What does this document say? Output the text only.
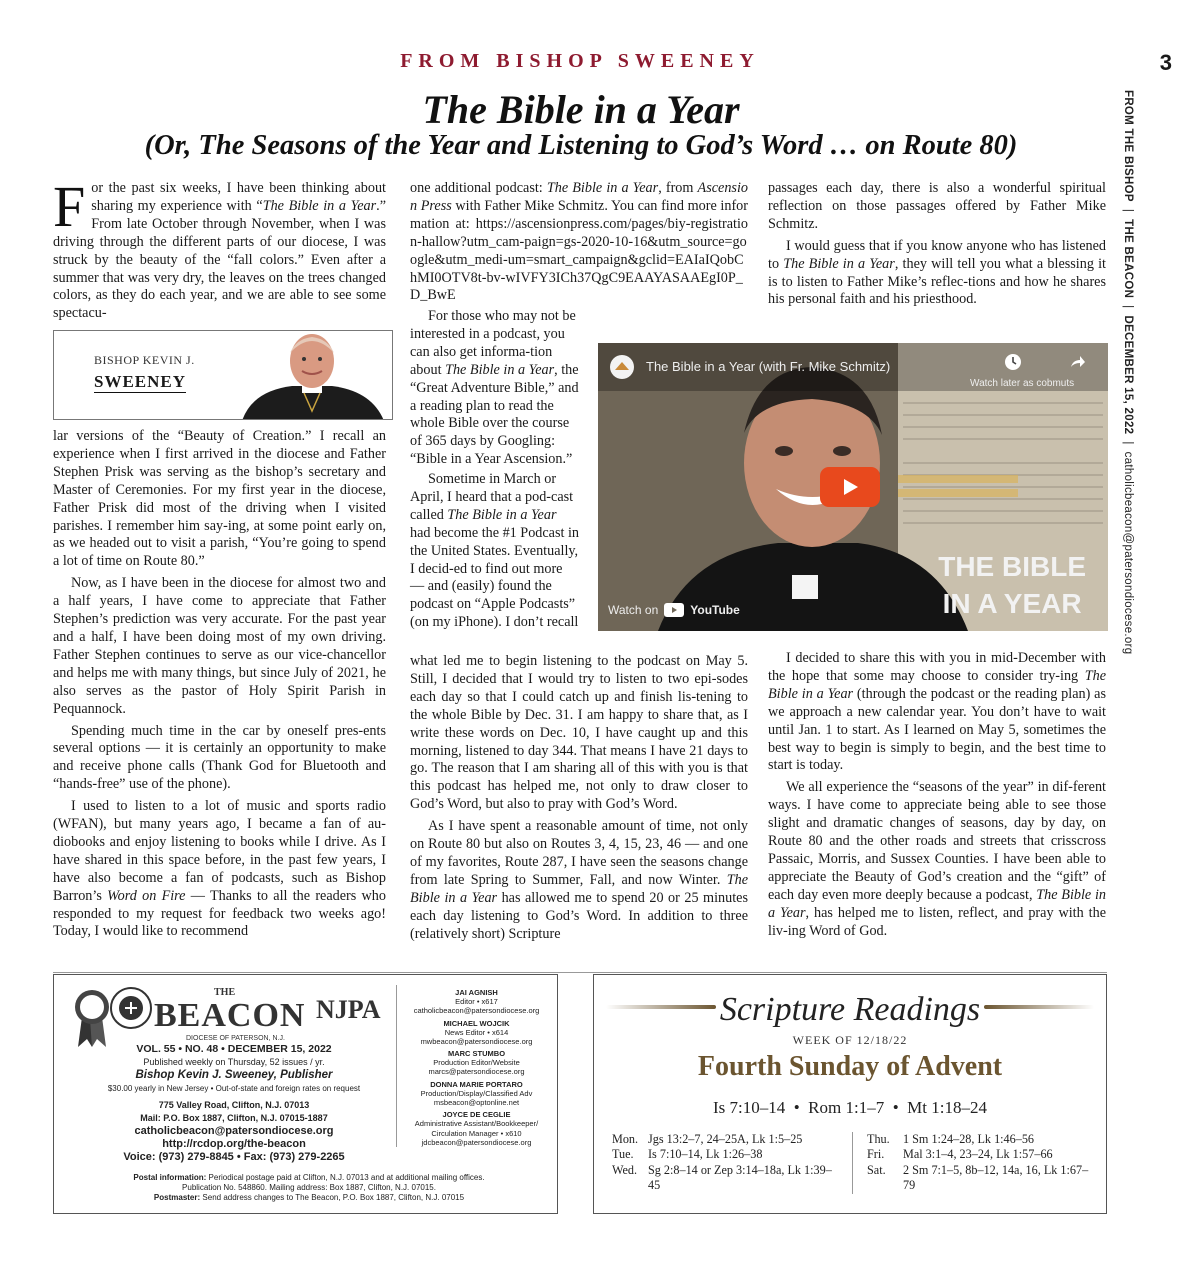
FROM BISHOP SWEENEY	3
FROM THE BISHOP  |  THE BEACON  |  DECEMBER 15, 2022  |  catholicbeacon@patersondiocese.org
The Bible in a Year
(Or, The Seasons of the Year and Listening to God’s Word … on Route 80)

For the past six weeks, I have been thinking about sharing my experience with “The Bible in a Year.” From late October through November, when I was driving through the different parts of our diocese, I was struck by the beauty of the “fall colors.” Even after a summer that was very dry, the leaves on the trees changed colors, as they do each year, and we are able to see some spectacu-

BISHOP KEVIN J.
SWEENEY

lar versions of the “Beauty of Creation.” I recall an experience when I first arrived in the diocese and Father Stephen Prisk was serving as the bishop’s secretary and Master of Ceremonies. For my first year in the diocese, Father Prisk did most of the driving when I visited parishes. I remember him say-ing, at some point early on, as we headed out to visit a parish, “You’re going to spend a lot of time on Route 80.”

Now, as I have been in the diocese for almost two and a half years, I have come to appreciate that Father Stephen’s prediction was very accurate. For the past year and a half, I have been doing most of my own driving. Father Stephen continues to serve as our vice-chancellor and helps me with many things, but since July of 2021, he also serves as the pastor of Holy Spirit Parish in Pequannock.

Spending much time in the car by oneself pres-ents several options — it is certainly an opportunity to make and receive phone calls (Thank God for Bluetooth and “hands-free” use of the phone).

I used to listen to a lot of music and sports radio (WFAN), but many years ago, I became a fan of au-diobooks and enjoy listening to books while I drive. As I have shared in this space before, in the past few years, I have also become a fan of podcasts, such as Bishop Barron’s Word on Fire — Thanks to all the readers who responded to my request for feedback two weeks ago! Today, I would like to recommend

one additional podcast: The Bible in a Year, from Ascension Press with Father Mike Schmitz. You can find more information at: https://ascensionpress.com/pages/biy-registration-hallow?utm_cam-paign=gs-2020-10-16&utm_source=google&utm_medi-um=smart_campaign&gclid=EAIaIQobChMI0OTV8t-bv-wIVFY3ICh37QgC9EAAYASAAEgI0P_D_BwE

For those who may not be interested in a podcast, you can also get informa-tion about The Bible in a Year, the “Great Adventure Bible,” and a reading plan to read the whole Bible over the course of 365 days by Googling: “Bible in a Year Ascension.”

what led me to begin listening to the podcast on May 5. Still, I decided that I would try to listen to two epi-sodes each day so that I could catch up and finish lis-tening to the whole Bible by Dec. 31. I am happy to share that, as I write these words on Dec. 10, I have caught up and this morning, listened to day 344. That means I have 21 days to go. The reason that I am sharing all of this with you is that this podcast has helped me, not only to draw closer to God’s Word, but also to pray with God’s Word.

As I have spent a reasonable amount of time, not only on Route 80 but also on Routes 3, 4, 15, 23, 46 — and one of my favorites, Route 287, I have seen the seasons change from late Spring to Summer, Fall, and now Winter. The Bible in a Year has allowed me to spend 20 or 25 minutes each day listening to God’s Word. In addition to three (relatively short) Scripture

passages each day, there is also a wonderful spiritual reflection on those passages offered by Father Mike Schmitz.

I would guess that if you know anyone who has listened to The Bible in a Year, they will tell you what a blessing it is to listen to Father Mike’s reflec-tions and how he shares his personal faith and his priesthood.

I decided to share this with you in mid-December with the hope that some may choose to consider try-ing The Bible in a Year (through the podcast or the reading plan) as we approach a new calendar year. You don’t have to wait until Jan. 1 to start. As I learned on May 5, sometimes the best way to begin is simply to begin, and the best time to start is today.

We all experience the “seasons of the year” in dif-ferent ways. I have come to appreciate being able to see those slight and dramatic changes of seasons, day by day, on Route 80 and the other roads and streets that crisscross Passaic, Morris, and Sussex Counties. I have been able to appreciate the Beauty of God’s creation and the “gift” of each day even more deeply because a podcast, The Bible in a Year, has helped me to listen, reflect, and pray with the liv-ing Word of God.

The Bible in a Year (with Fr. Mike Schmitz)
Watch later as cobmuts
THE BIBLE
IN A YEAR
Watch on	YouTube
THE
BEACON NJPA
DIOCESE OF PATERSON, N.J.
VOL. 55 • NO. 48 • DECEMBER 15, 2022
Published weekly on Thursday, 52 issues / yr.
Bishop Kevin J. Sweeney, Publisher
$30.00 yearly in New Jersey • Out-of-state and foreign rates on request
775 Valley Road, Clifton, N.J. 07013
Mail: P.O. Box 1887, Clifton, N.J. 07015-1887
catholicbeacon@patersondiocese.org
http://rcdop.org/the-beacon
Voice: (973) 279-8845 • Fax: (973) 279-2265
JAI AGNISH
Editor • x617
catholicbeacon@patersondiocese.org
MICHAEL WOJCIK
News Editor • x614
mwbeacon@patersondiocese.org
MARC STUMBO
Production Editor/Website
marcs@patersondiocese.org
DONNA MARIE PORTARO
Production/Display/Classified Adv
msbeacon@optonline.net
JOYCE DE CEGLIE
Administrative Assistant/Bookkeeper/
Circulation Manager • x610
jdcbeacon@patersondiocese.org
Postal information: Periodical postage paid at Clifton, N.J. 07013 and at additional mailing offices.
Publication No. 548860. Mailing address: Box 1887, Clifton, N.J. 07015.
Postmaster: Send address changes to The Beacon, P.O. Box 1887, Clifton, N.J. 07015
Scripture Readings
WEEK OF 12/18/22
Fourth Sunday of Advent
Is 7:10–14  •  Rom 1:1–7  •  Mt 1:18–24
Mon. Jgs 13:2–7, 24–25A, Lk 1:5–25
Tue.	Is 7:10–14, Lk 1:26–38
Wed. Sg 2:8–14 or Zep 3:14–18a, Lk 1:39–45
Thu.	1 Sm 1:24–28, Lk 1:46–56
Fri.	Mal 3:1–4, 23–24, Lk 1:57–66
Sat.	2 Sm 7:1–5, 8b–12, 14a, 16, Lk 1:67–79

Sometime in March or April, I heard that a pod-cast called The Bible in a Year had become the #1 Podcast in the United States. Eventually, I decid-ed to find out more — and (easily) found the podcast on “Apple Podcasts” (on my iPhone). I don’t recall
